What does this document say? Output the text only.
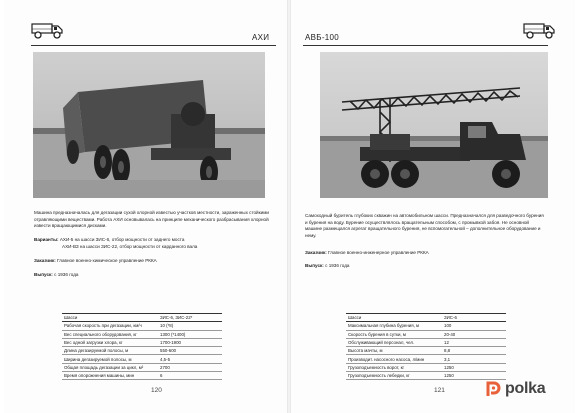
АХИ
Машина предназначалась для дегазации сухой хлорной известью участков местности, зараженных стойкими отравляющими веществами. Работа АХИ основывалась на принципе механического разбрасывания хлорной извести вращающимися дисками.
Варианты: АХИ-5 на шасси ЗИС-6, отбор мощности от заднего моста
АХИ-ВЗ на шасси ЗИС-22, отбор мощности от карданного вала
Заказчик: Главное военно-химическое управление РККА
Выпуск: с 1936 года
Шасси	ЗИС-6, ЗИС-22*
Рабочая скорость при дегазации, км/ч	10 (*8)
Вес специального оборудования, кг	1300 (*1400)
Вес одной загрузки хлора, кг	1700-1900
Длина дегазируемой полосы, м	550-600
Ширина дегазируемой полосы, м	4,5-5
Общая площадь дегазации за цикл, м²	2700
Время опорожнения машины, мин	6
120
АВБ-100
Самоходный буритель глубоких скважин на автомобильном шасси. Предназначался для разведочного бурения и бурения на воду. Бурение осуществлялось вращательным способом, с промывкой забоя. Не основной машине размещался агрегат вращательного бурения, не вспомогательной – дополнительное оборудование и нему.
Заказчик: Главное военно-инженерное управление РККА
Выпуск: с 1936 года
Шасси	ЗИС-6
Максимальная глубина бурения, м	100
Скорость бурения в сутки, м	20-40
Обслуживающий персонал, чел.	12
Высота мачты, м	8,8
Производит. насосного насоса, л/мин	3,1
Грузоподъемность ворот, кг	1250
Грузоподъемность лебедки, кг	1250
121	polka
